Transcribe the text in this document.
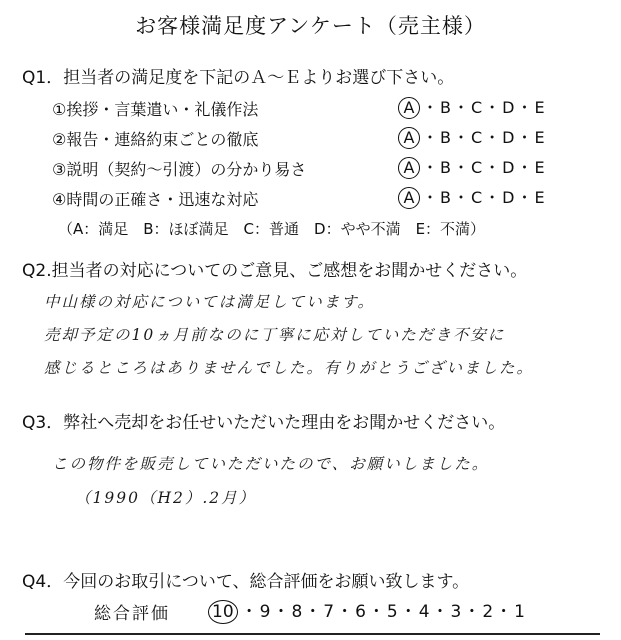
お客様満足度アンケート（売主様）
Q1．担当者の満足度を下記のＡ～Ｅよりお選び下さい。
①挨拶・言葉遣い・礼儀作法	A ・B・C・D・E
②報告・連絡約束ごとの徹底	A ・B・C・D・E
③説明（契約～引渡）の分かり易さ	A ・B・C・D・E
④時間の正確さ・迅速な対応	A ・B・C・D・E
（A：満足　B：ほぼ満足　C：普通　D：やや不満　E：不満）
Q2.担当者の対応についてのご意見、ご感想をお聞かせください。
中山様の対応については満足しています。
売却予定の10ヵ月前なのに丁寧に応対していただき不安に
感じるところはありませんでした。有りがとうございました。
Q3．弊社へ売却をお任せいただいた理由をお聞かせください。
この物件を販売していただいたので、お願いしました。
（1990（H2）.2月）
Q4．今回のお取引について、総合評価をお願い致します。
総合評価 10 ・9・8・7・6・5・4・3・2・1
